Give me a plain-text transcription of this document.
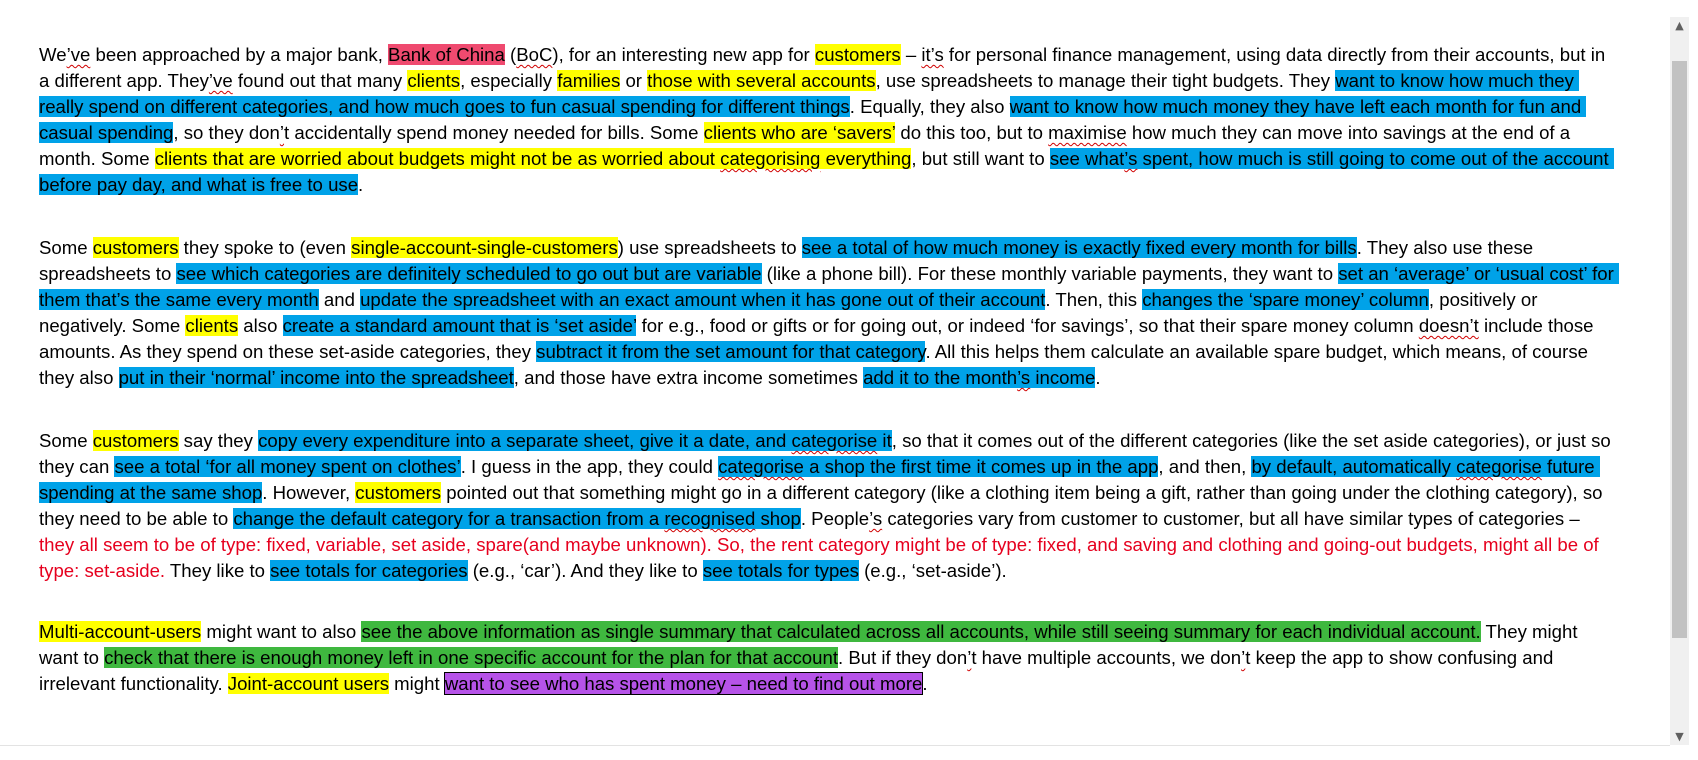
We’ve been approached by a major bank, Bank of China (BoC), for an interesting new app for customers – it’s for personal finance management, using data directly from their accounts, but in a different app. They’ve found out that many clients, especially families or those with several accounts, use spreadsheets to manage their tight budgets. They want to know how much they really spend on different categories, and how much goes to fun casual spending for different things. Equally, they also want to know how much money they have left each month for fun and casual spending, so they don’t accidentally spend money needed for bills. Some clients who are ‘savers’ do this too, but to maximise how much they can move into savings at the end of a month. Some clients that are worried about budgets might not be as worried about categorising everything, but still want to see what’s spent, how much is still going to come out of the account before pay day, and what is free to use.

Some customers they spoke to (even single-account-single-customers) use spreadsheets to see a total of how much money is exactly fixed every month for bills. They also use these spreadsheets to see which categories are definitely scheduled to go out but are variable (like a phone bill). For these monthly variable payments, they want to set an ‘average’ or ‘usual cost’ for them that’s the same every month and update the spreadsheet with an exact amount when it has gone out of their account. Then, this changes the ‘spare money’ column, positively or negatively. Some clients also create a standard amount that is ‘set aside’ for e.g., food or gifts or for going out, or indeed ‘for savings’, so that their spare money column doesn’t include those amounts. As they spend on these set-aside categories, they subtract it from the set amount for that category. All this helps them calculate an available spare budget, which means, of course they also put in their ‘normal’ income into the spreadsheet, and those have extra income sometimes add it to the month’s income.

Some customers say they copy every expenditure into a separate sheet, give it a date, and categorise it, so that it comes out of the different categories (like the set aside categories), or just so they can see a total ‘for all money spent on clothes’. I guess in the app, they could categorise a shop the first time it comes up in the app, and then, by default, automatically categorise future spending at the same shop. However, customers pointed out that something might go in a different category (like a clothing item being a gift, rather than going under the clothing category), so they need to be able to change the default category for a transaction from a recognised shop. People’s categories vary from customer to customer, but all have similar types of categories – they all seem to be of type: fixed, variable, set aside, spare(and maybe unknown). So, the rent category might be of type: fixed, and saving and clothing and going-out budgets, might all be of type: set-aside. They like to see totals for categories (e.g., ‘car’). And they like to see totals for types (e.g., ‘set-aside’).

Multi-account-users might want to also see the above information as single summary that calculated across all accounts, while still seeing summary for each individual account. They might want to check that there is enough money left in one specific account for the plan for that account. But if they don’t have multiple accounts, we don’t keep the app to show confusing and irrelevant functionality. Joint-account users might want to see who has spent money – need to find out more.

▲
▼
